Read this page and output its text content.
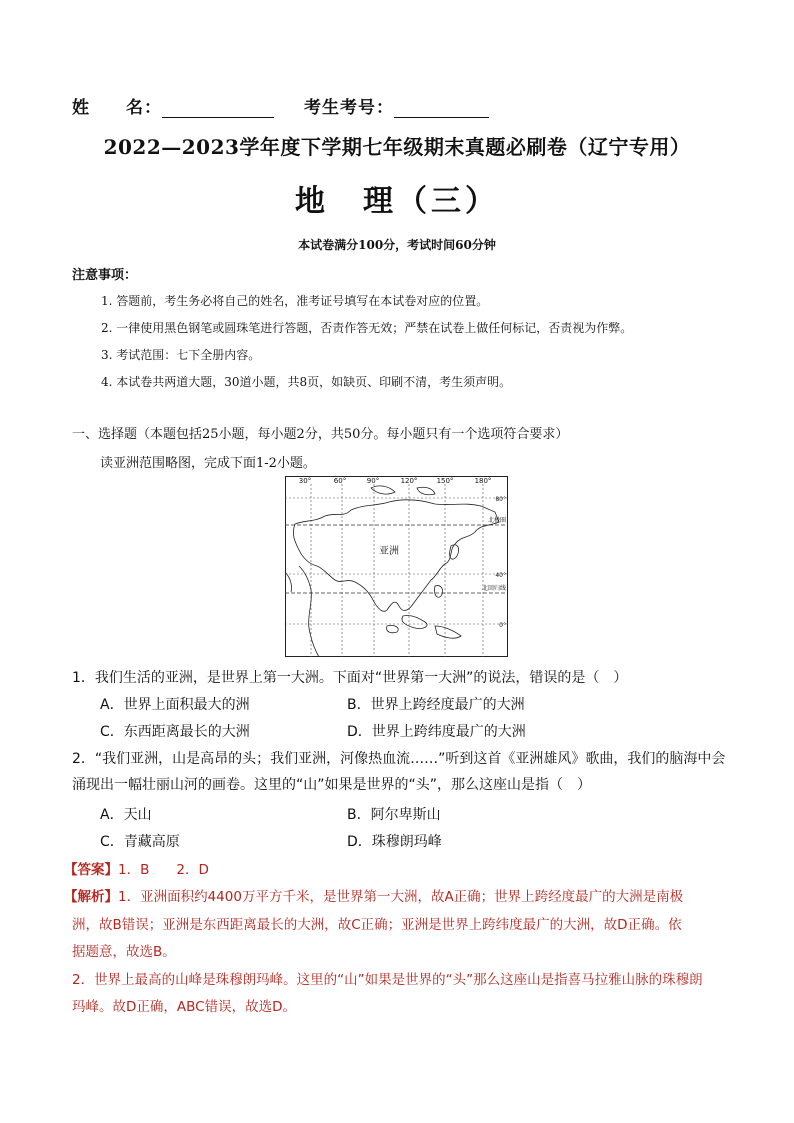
姓　　名：	考生考号：
2022—2023学年度下学期七年级期末真题必刷卷（辽宁专用）
地　理（三）
本试卷满分100分，考试时间60分钟
注意事项：
1. 答题前，考生务必将自己的姓名，准考证号填写在本试卷对应的位置。
2. 一律使用黑色钢笔或圆珠笔进行答题，否责作答无效；严禁在试卷上做任何标记，否责视为作弊。
3. 考试范围：七下全册内容。
4. 本试卷共两道大题，30道小题，共8页，如缺页、印刷不清，考生须声明。
一、选择题（本题包括25小题，每小题2分，共50分。每小题只有一个选项符合要求）
读亚洲范围略图，完成下面1-2小题。
亚洲
30°	60°	90°	120°	150°	180°
80°
北极圈
40°
北回归线
0°
1．我们生活的亚洲，是世界上第一大洲。下面对“世界第一大洲”的说法，错误的是（　）
A．世界上面积最大的洲	B．世界上跨经度最广的大洲
C．东西距离最长的大洲	D．世界上跨纬度最广的大洲
2．“我们亚洲，山是高昂的头；我们亚洲，河像热血流……”听到这首《亚洲雄风》歌曲，我们的脑海中会
涌现出一幅壮丽山河的画卷。这里的“山”如果是世界的“头”，那么这座山是指（　）
A．天山	B．阿尔卑斯山
C．青藏高原	D．珠穆朗玛峰
【答案】1．B　　2．D
【解析】1．亚洲面积约4400万平方千米，是世界第一大洲，故A正确；世界上跨经度最广的大洲是南极
洲，故B错误；亚洲是东西距离最长的大洲，故C正确；亚洲是世界上跨纬度最广的大洲，故D正确。依
据题意，故选B。
2．世界上最高的山峰是珠穆朗玛峰。这里的“山”如果是世界的“头”那么这座山是指喜马拉雅山脉的珠穆朗
玛峰。故D正确，ABC错误，故选D。
